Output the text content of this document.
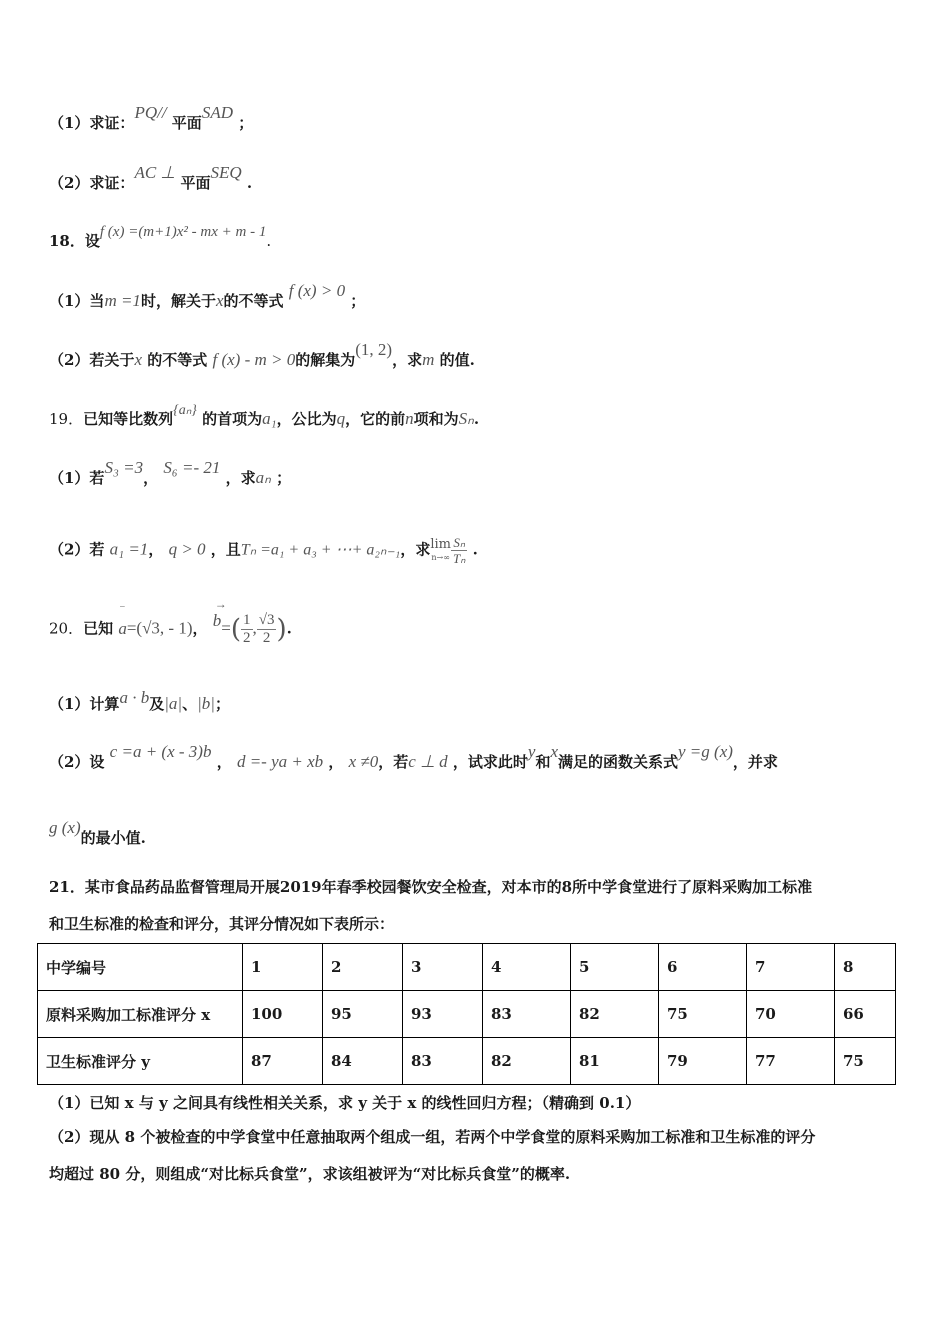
（1）求证：PQ// 平面SAD ；
（2）求证：AC ⊥ 平面SEQ .
18．设f (x) =(m+1)x² - mx + m - 1.
（1）当m =1时，解关于x的不等式 f (x) > 0 ；
（2）若关于x 的不等式 f (x) - m > 0的解集为(1, 2)，求m 的值.
19．已知等比数列{aₙ} 的首项为a₁，公比为q，它的前n项和为Sₙ.
（1）若S₃ =3， S₆ =- 21 ，求aₙ ；
（2）若 a₁ =1， q > 0 ，且Tₙ =a₁ + a₃ + ⋯+ a₂ₙ₋₁，求 lim
$n\to\infty \frac{\text{Sₙ}}{\text{Tₙ}}$ .
20．已知
‾
a=(√3, - 1)，
→
$b=( \frac{1}{2}$ , $\frac{√3}{2}$ ).
（1）计算a · b及|a|、|b|；
（2）设 c =a + (x - 3)b ， d =- ya + xb ， x ≠0，若c ⊥ d ，试求此时y和x满足的函数关系式y =g (x)，并求
g (x)的最小值.
21．某市食品药品监督管理局开展2019年春季校园餐饮安全检查，对本市的8所中学食堂进行了原料采购加工标准
和卫生标准的检查和评分，其评分情况如下表所示：
中学编号	1	2	3	4	5	6	7	8
原料采购加工标准评分 x	100	95	93	83	82	75	70	66
卫生标准评分 y	87	84	83	82	81	79	77	75
（1）已知 x 与 y 之间具有线性相关关系，求 y 关于 x 的线性回归方程；（精确到 0.1）
（2）现从 8 个被检查的中学食堂中任意抽取两个组成一组，若两个中学食堂的原料采购加工标准和卫生标准的评分
均超过 80 分，则组成“对比标兵食堂”，求该组被评为“对比标兵食堂”的概率.
